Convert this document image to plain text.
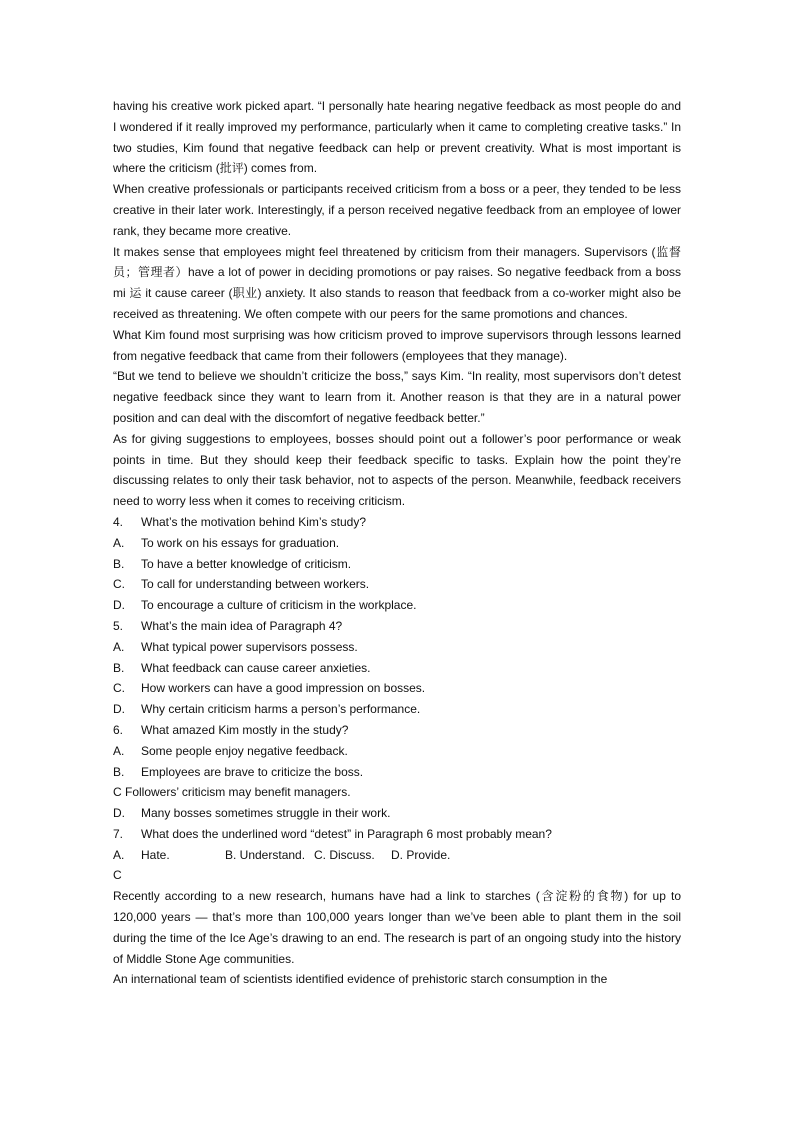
having his creative work picked apart. “I personally hate hearing negative feedback as most people do and I wondered if it really improved my performance, particularly when it came to completing creative tasks.” In two studies, Kim found that negative feedback can help or prevent creativity. What is most important is where the criticism (批评) comes from.

When creative professionals or participants received criticism from a boss or a peer, they tended to be less creative in their later work. Interestingly, if a person received negative feedback from an employee of lower rank, they became more creative.

It makes sense that employees might feel threatened by criticism from their managers. Supervisors (监督员；管理者）have a lot of power in deciding promotions or pay raises. So negative feedback from a boss mi 运 it cause career (职业) anxiety. It also stands to reason that feedback from a co-worker might also be received as threatening. We often compete with our peers for the same promotions and chances.

What Kim found most surprising was how criticism proved to improve supervisors through lessons learned from negative feedback that came from their followers (employees that they manage).

“But we tend to believe we shouldn’t criticize the boss,” says Kim. “In reality, most supervisors don’t detest negative feedback since they want to learn from it. Another reason is that they are in a natural power position and can deal with the discomfort of negative feedback better.”

As for giving suggestions to employees, bosses should point out a follower’s poor performance or weak points in time. But they should keep their feedback specific to tasks. Explain how the point they’re discussing relates to only their task behavior, not to aspects of the person. Meanwhile, feedback receivers need to worry less when it comes to receiving criticism.

4.	What’s the motivation behind Kim’s study?
A.	To work on his essays for graduation.
B.	To have a better knowledge of criticism.
C.	To call for understanding between workers.
D.	To encourage a culture of criticism in the workplace.
5.	What’s the main idea of Paragraph 4?
A.	What typical power supervisors possess.
B.	What feedback can cause career anxieties.
C.	How workers can have a good impression on bosses.
D.	Why certain criticism harms a person’s performance.
6.	What amazed Kim mostly in the study?
A.	Some people enjoy negative feedback.
B.	Employees are brave to criticize the boss.
C Followers’ criticism may benefit managers.
D.	Many bosses sometimes struggle in their work.
7.	What does the underlined word “detest” in Paragraph 6 most probably mean?
A.	Hate.	B. Understand. C. Discuss.	D. Provide.
C

Recently according to a new research, humans have had a link to starches (含淀粉的食物) for up to 120,000 years — that’s more than 100,000 years longer than we’ve been able to plant them in the soil during the time of the Ice Age’s drawing to an end. The research is part of an ongoing study into the history of Middle Stone Age communities.

An international team of scientists identified evidence of prehistoric starch consumption in the
